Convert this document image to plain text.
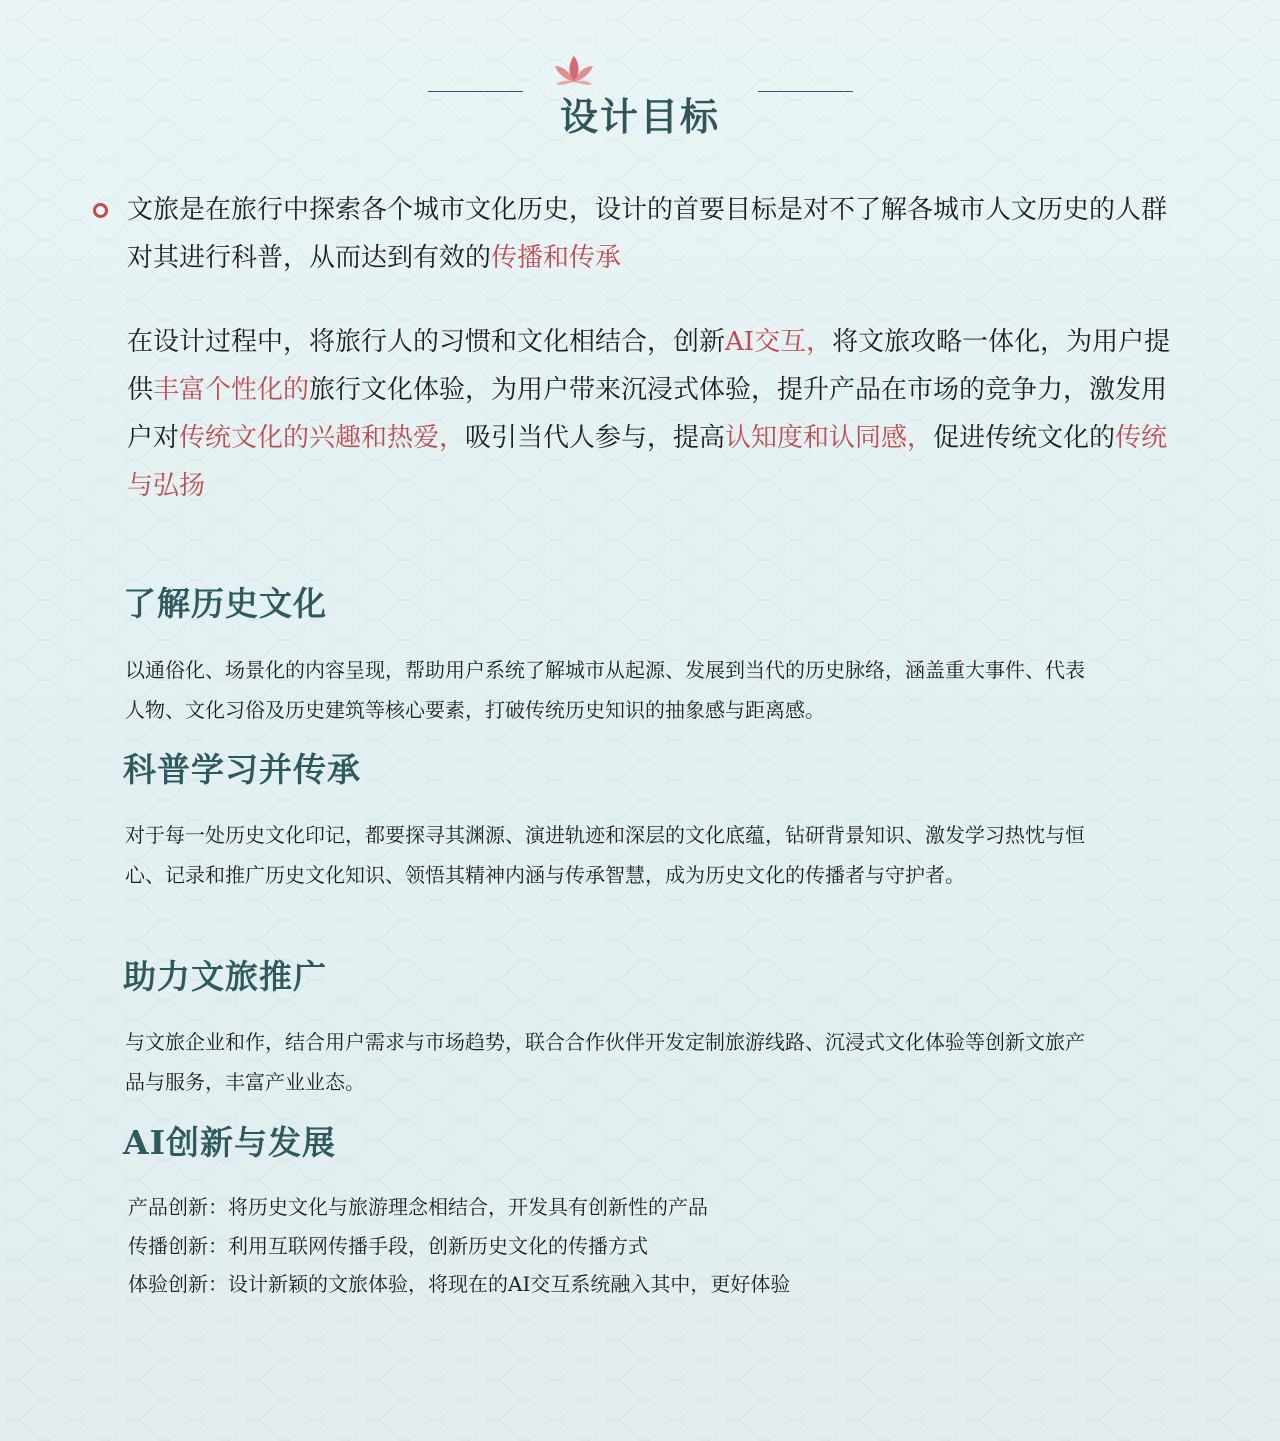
设计目标

文旅是在旅行中探索各个城市文化历史，设计的首要目标是对不了解各城市人文历史的人群对其进行科普，从而达到有效的传播和传承

在设计过程中，将旅行人的习惯和文化相结合，创新AI交互，将文旅攻略一体化，为用户提供丰富个性化的旅行文化体验，为用户带来沉浸式体验，提升产品在市场的竞争力，激发用户对传统文化的兴趣和热爱，吸引当代人参与，提高认知度和认同感，促进传统文化的传统与弘扬

了解历史文化

以通俗化、场景化的内容呈现，帮助用户系统了解城市从起源、发展到当代的历史脉络，涵盖重大事件、代表人物、文化习俗及历史建筑等核心要素，打破传统历史知识的抽象感与距离感。

科普学习并传承

对于每一处历史文化印记，都要探寻其渊源、演进轨迹和深层的文化底蕴，钻研背景知识、激发学习热忱与恒心、记录和推广历史文化知识、领悟其精神内涵与传承智慧，成为历史文化的传播者与守护者。

助力文旅推广

与文旅企业和作，结合用户需求与市场趋势，联合合作伙伴开发定制旅游线路、沉浸式文化体验等创新文旅产品与服务，丰富产业业态。

AI创新与发展
产品创新：将历史文化与旅游理念相结合，开发具有创新性的产品
传播创新：利用互联网传播手段，创新历史文化的传播方式
体验创新：设计新颖的文旅体验，将现在的AI交互系统融入其中，更好体验
